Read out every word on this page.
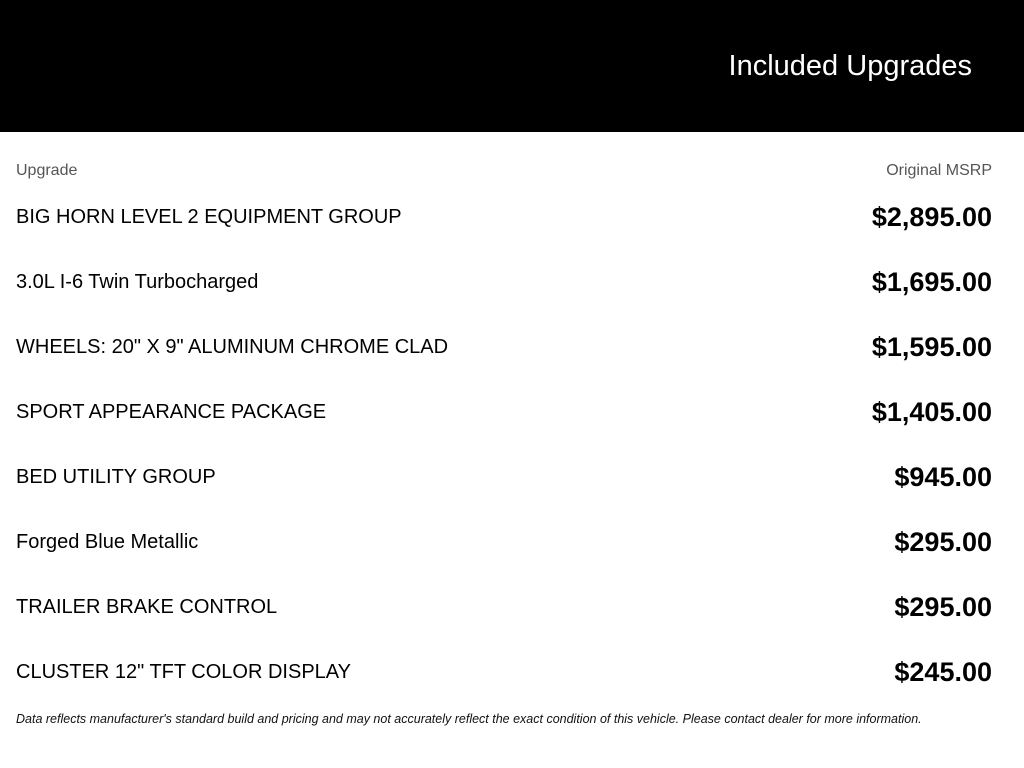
Included Upgrades
Upgrade	Original MSRP
BIG HORN LEVEL 2 EQUIPMENT GROUP	$2,895.00
3.0L I-6 Twin Turbocharged	$1,695.00
WHEELS: 20" X 9" ALUMINUM CHROME CLAD	$1,595.00
SPORT APPEARANCE PACKAGE	$1,405.00
BED UTILITY GROUP	$945.00
Forged Blue Metallic	$295.00
TRAILER BRAKE CONTROL	$295.00
CLUSTER 12" TFT COLOR DISPLAY	$245.00
Data reflects manufacturer's standard build and pricing and may not accurately reflect the exact condition of this vehicle. Please contact dealer for more information.
